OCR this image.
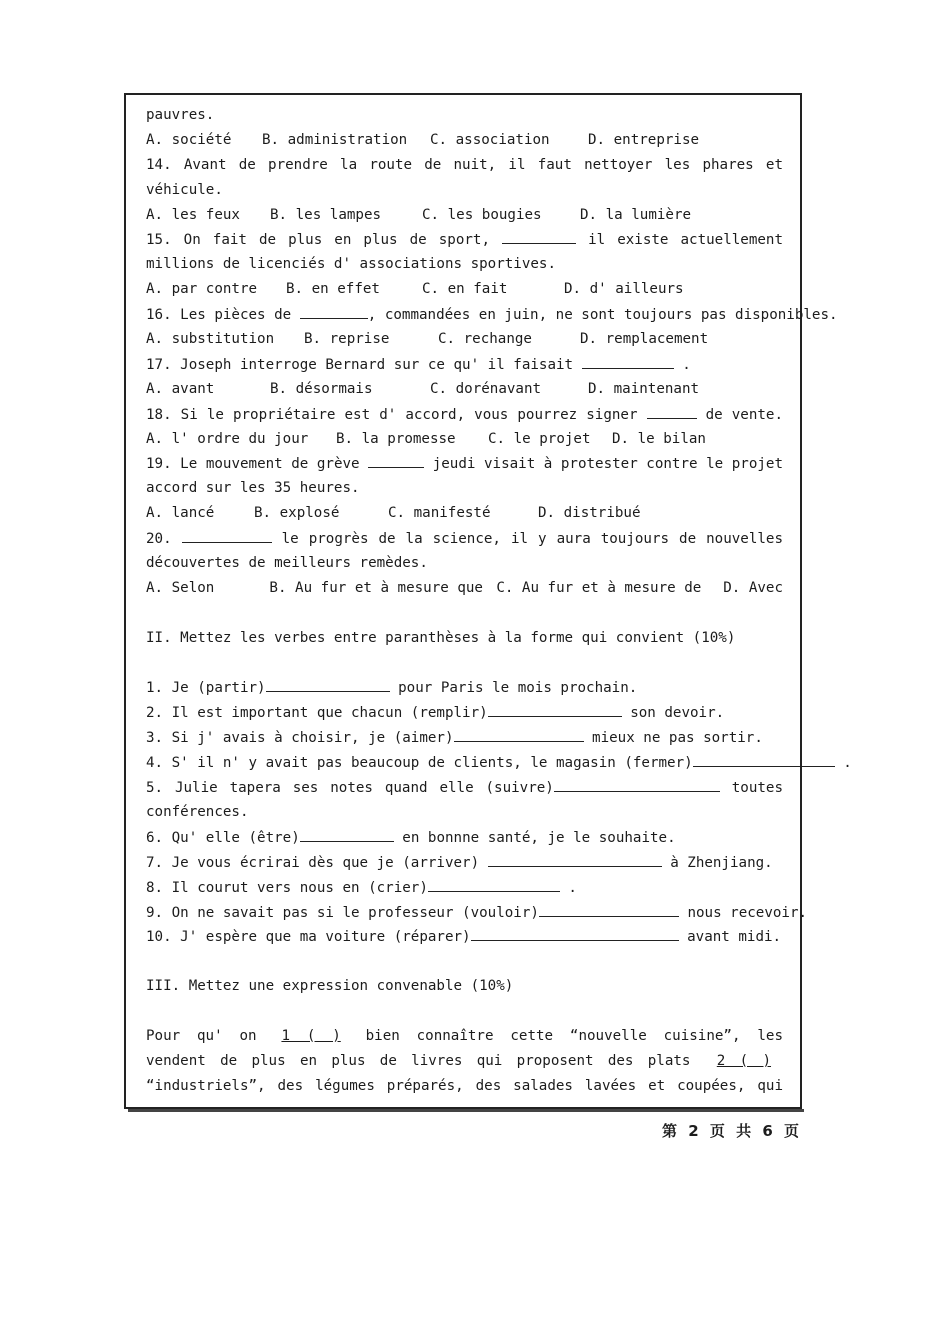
pauvres.
A. société	B. administration	C. association	D. entreprise
14. Avant de prendre la route de nuit, il faut nettoyer les phares et
véhicule.
A. les feux	B. les lampes	C. les bougies	D. la lumière
15. On fait de plus en plus de sport,	il existe actuellement
millions de licenciés d' associations sportives.
A. par contre	B. en effet	C. en fait	D. d' ailleurs
16. Les pièces de	, commandées en juin, ne sont toujours pas disponibles.
A. substitution	B. reprise	C. rechange	D. remplacement
17. Joseph interroge Bernard sur ce qu' il faisait	.
A. avant	B. désormais	C. dorénavant	D. maintenant
18. Si le propriétaire est d' accord, vous pourrez signer	de vente.
A. l' ordre du jour	B. la promesse	C. le projet	D. le bilan
19. Le mouvement de grève	jeudi visait à protester contre le projet
accord sur les 35 heures.
A. lancé	B. explosé	C. manifesté	D. distribué
20.	le progrès de la science, il y aura toujours de nouvelles
découvertes de meilleurs remèdes.
A. Selon	B. Au fur et à mesure que C. Au fur et à mesure de	D. Avec
II. Mettez les verbes entre paranthèses à la forme qui convient (10%)
1. Je (partir)	pour Paris le mois prochain.
2. Il est important que chacun (remplir)	son devoir.
3. Si j' avais à choisir, je (aimer)	mieux ne pas sortir.
4. S' il n' y avait pas beaucoup de clients, le magasin (fermer)	.
5. Julie tapera ses notes quand elle (suivre)	toutes
conférences.
6. Qu' elle (être)	en bonnne santé, je le souhaite.
7. Je vous écrirai dès que je (arriver)	à Zhenjiang.
8. Il courut vers nous en (crier)	.
9. On ne savait pas si le professeur (vouloir)	nous recevoir.
10. J' espère que ma voiture (réparer)	avant midi.
III. Mettez une expression convenable (10%)
Pour qu' on 1 ( ) bien connaître cette “nouvelle cuisine”, les
vendent de plus en plus de livres qui proposent des plats 2 ( )
“industriels”, des légumes préparés, des salades lavées et coupées, qui
第 2 页 共 6 页
